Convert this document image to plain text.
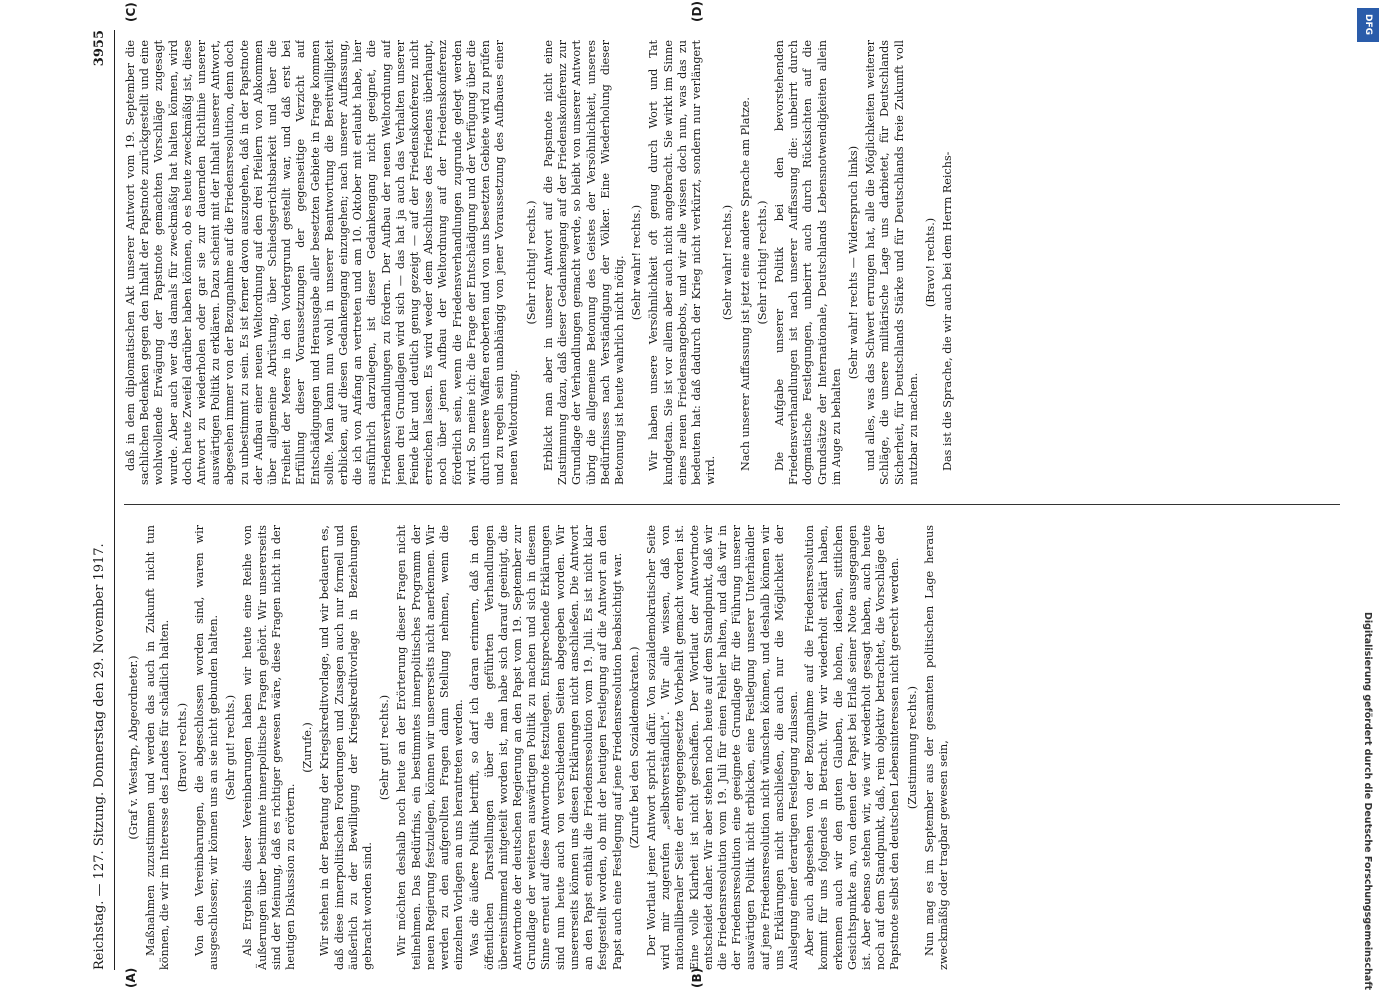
Reichstag. — 127. Sitzung. Donnerstag den 29. November 1917.
3955
(A)	(B)
(C)	(D)

(Graf v. Westarp, Abgeordneter.) Maßnahmen zuzustimmen und werden das auch in Zukunft nicht tun können, die wir im Interesse des Landes für schädlich halten. (Bravo! rechts.) Von den Vereinbarungen, die abgeschlossen worden sind, waren wir ausgeschlossen; wir können uns an sie nicht gebunden halten. (Sehr gut! rechts.) Als Ergebnis dieser Vereinbarungen haben wir heute eine Reihe von Äußerungen über bestimmte innerpolitische Fragen gehört. Wir unsererseits sind der Meinung, daß es richtiger gewesen wäre, diese Fragen nicht in der heutigen Diskussion zu erörtern.

(Zurufe.) Wir stehen in der Beratung der Kriegskreditvorlage, und wir bedauern es, daß diese innerpolitischen Forderungen und Zusagen auch nur formell und äußerlich zu der Bewilligung der Kriegskreditvorlage in Beziehungen gebracht worden sind.

(Sehr gut! rechts.) Wir möchten deshalb noch heute an der Erörterung dieser Fragen nicht teilnehmen. Das Bedürfnis, ein bestimmtes innerpolitisches Programm der neuen Regierung festzulegen, können wir unsererseits nicht anerkennen. Wir werden zu den aufgerollten Fragen dann Stellung nehmen, wenn die einzelnen Vorlagen an uns herantreten werden. Was die äußere Politik betrifft, so darf ich daran erinnern, daß in den öffentlichen Darstellungen über die geführten Verhandlungen übereinstimmend mitgeteilt worden ist, man habe sich darauf geeinigt, die Antwortnote der deutschen Regierung an den Papst vom 19. September zur Grundlage der weiteren auswärtigen Politik zu machen und sich in diesem Sinne erneut auf diese Antwortnote festzulegen. Entsprechende Erklärungen sind nun heute auch von verschiedenen Seiten abgegeben worden. Wir unsererseits können uns diesen Erklärungen nicht anschließen. Die Antwort an den Papst enthält die Friedensresolution vom 19. Juli. Es ist nicht klar festgestellt worden, ob mit der heutigen Festlegung auf die Antwort an den Papst auch eine Festlegung auf jene Friedensresolution beabsichtigt war. (Zurufe bei den Sozialdemokraten.) Der Wortlaut jener Antwort spricht dafür. Von sozialdemokratischer Seite wird mir zugerufen „selbstverständlich“. Wir alle wissen, daß von nationalliberaler Seite der entgegengesetzte Vorbehalt gemacht worden ist. Eine volle Klarheit ist nicht geschaffen. Der Wortlaut der Antwortnote entscheidet daher. Wir aber stehen noch heute auf dem Standpunkt, daß wir die Friedensresolution vom 19. Juli für einen Fehler halten, und daß wir in der Friedensresolution eine geeignete Grundlage für die Führung unserer auswärtigen Politik nicht erblicken, eine Festlegung unserer Unterhändler auf jene Friedensresolution nicht wünschen können, und deshalb können wir uns Erklärungen nicht anschließen, die auch nur die Möglichkeit der Auslegung einer derartigen Festlegung zulassen. Aber auch abgesehen von der Bezugnahme auf die Friedensresolution kommt für uns folgendes in Betracht. Wir wir wiederholt erklärt haben, erkennen auch wir den guten Glauben, die hohen, idealen, sittlichen Gesichtspunkte an, von denen der Papst bei Erlaß seiner Note ausgegangen ist. Aber ebenso stehen wir, wie wir wiederholt gesagt haben, auch heute noch auf dem Standpunkt, daß, rein objektiv betrachtet, die Vorschläge der Papstnote selbst den deutschen Lebensinteressen nicht gerecht werden. (Zustimmung rechts.) Nun mag es im September aus der gesamten politischen Lage heraus zweckmäßig oder tragbar gewesen sein,

daß in dem diplomatischen Akt unserer Antwort vom 19. September die sachlichen Bedenken gegen den Inhalt der Papstnote zurückgestellt und eine wohlwollende Erwägung der Papstnote gemachten Vorschläge zugesagt wurde. Aber auch wer das damals für zweckmäßig hat halten können, wird doch heute Zweifel darüber haben können, ob es heute zweckmäßig ist, diese Antwort zu wiederholen oder gar sie zur dauernden Richtlinie unserer auswärtigen Politik zu erklären. Dazu scheint mit der Inhalt unserer Antwort, abgesehen immer von der Bezugnahme auf die Friedensresolution, denn doch zu unbestimmt zu sein. Es ist ferner davon auszugehen, daß in der Papstnote der Aufbau einer neuen Weltordnung auf den drei Pfeilern von Abkommen über allgemeine Abrüstung, über Schiedsgerichtsbarkeit und über die Freiheit der Meere in den Vordergrund gestellt war, und daß erst bei Erfüllung dieser Voraussetzungen der gegenseitige Verzicht auf Entschädigungen und Herausgabe aller besetzten Gebiete in Frage kommen sollte. Man kann nun wohl in unserer Beantwortung die Bereitwilligkeit erblicken, auf diesen Gedankengang einzugehen; nach unserer Auffassung, die ich von Anfang an vertreten und am 10. Oktober mit erlaubt habe, hier ausführlich darzulegen, ist dieser Gedankengang nicht geeignet, die Friedensverhandlungen zu fördern. Der Aufbau der neuen Weltordnung auf jenen drei Grundlagen wird sich — das hat ja auch das Verhalten unserer Feinde klar und deutlich genug gezeigt — auf der Friedenskonferenz nicht erreichen lassen. Es wird weder dem Abschlusse des Friedens überhaupt, noch über jenen Aufbau der Weltordnung auf der Friedenskonferenz förderlich sein, wenn die Friedensverhandlungen zugrunde gelegt werden wird. So meine ich: die Frage der Entschädigung und der Verfügung über die durch unsere Waffen eroberten und von uns besetzten Gebiete wird zu prüfen und zu regeln sein unabhängig von jener Voraussetzung des Aufbaues einer neuen Weltordnung.

(Sehr richtig! rechts.) Erblickt man aber in unserer Antwort auf die Papstnote nicht eine Zustimmung dazu, daß dieser Gedankengang auf der Friedenskonferenz zur Grundlage der Verhandlungen gemacht werde, so bleibt von unserer Antwort übrig die allgemeine Betonung des Geistes der Versöhnlichkeit, unseres Bedürfnisses nach Verständigung der Völker. Eine Wiederholung dieser Betonung ist heute wahrlich nicht nötig. (Sehr wahr! rechts.) Wir haben unsere Versöhnlichkeit oft genug durch Wort und Tat kundgetan. Sie ist vor allem aber auch nicht angebracht. Sie wirkt im Sinne eines neuen Friedensangebots, und wir alle wissen doch nun, was das zu bedeuten hat: daß dadurch der Krieg nicht verkürzt, sondern nur verlängert wird.

(Sehr wahr! rechts.) Nach unserer Auffassung ist jetzt eine andere Sprache am Platze. (Sehr richtig! rechts.) Die Aufgabe unserer Politik bei den bevorstehenden Friedensverhandlungen ist nach unserer Auffassung die: unbeirrt durch dogmatische Festlegungen, unbeirrt auch durch Rücksichten auf die Grundsätze der Internationale, Deutschlands Lebensnotwendigkeiten allein im Auge zu behalten

(Sehr wahr! rechts — Widerspruch links) und alles, was das Schwert errungen hat, alle die Möglichkeiten weiterer Schläge, die unsere militärische Lage uns darbietet, für Deutschlands Sicherheit, für Deutschlands Stärke und für Deutschlands freie Zukunft voll nutzbar zu machen.

(Bravo! rechts.) Das ist die Sprache, die wir auch bei dem Herrn Reichs-

Digitalisierung gefördert durch die Deutsche Forschungsgemeinschaft
DFG
